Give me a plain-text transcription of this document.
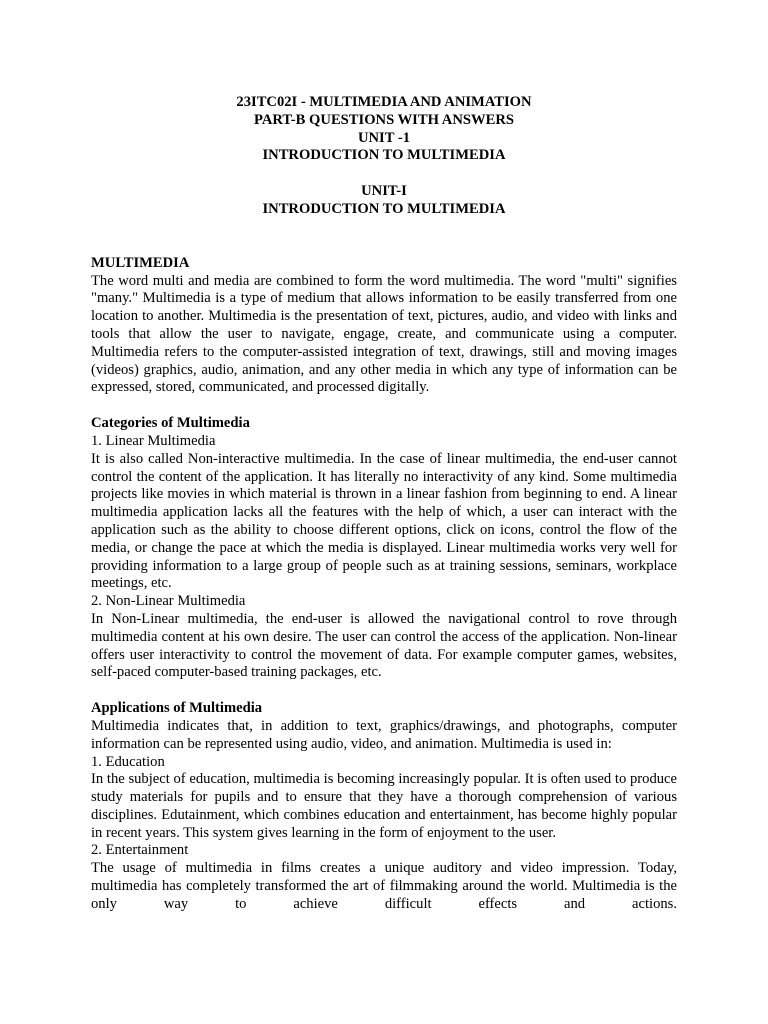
23ITC02I - MULTIMEDIA AND ANIMATION
PART-B QUESTIONS WITH ANSWERS
UNIT -1
INTRODUCTION TO MULTIMEDIA
UNIT-I
INTRODUCTION TO MULTIMEDIA
MULTIMEDIA

The word multi and media are combined to form the word multimedia. The word "multi" signifies "many." Multimedia is a type of medium that allows information to be easily transferred from one location to another. Multimedia is the presentation of text, pictures, audio, and video with links and tools that allow the user to navigate, engage, create, and communicate using a computer. Multimedia refers to the computer-assisted integration of text, drawings, still and moving images (videos) graphics, audio, animation, and any other media in which any type of information can be expressed, stored, communicated, and processed digitally.

Categories of Multimedia
1. Linear Multimedia

It is also called Non-interactive multimedia. In the case of linear multimedia, the end-user cannot control the content of the application. It has literally no interactivity of any kind. Some multimedia projects like movies in which material is thrown in a linear fashion from beginning to end. A linear multimedia application lacks all the features with the help of which, a user can interact with the application such as the ability to choose different options, click on icons, control the flow of the media, or change the pace at which the media is displayed. Linear multimedia works very well for providing information to a large group of people such as at training sessions, seminars, workplace meetings, etc.

2. Non-Linear Multimedia

In Non-Linear multimedia, the end-user is allowed the navigational control to rove through multimedia content at his own desire. The user can control the access of the application. Non-linear offers user interactivity to control the movement of data. For example computer games, websites, self-paced computer-based training packages, etc.

Applications of Multimedia

Multimedia indicates that, in addition to text, graphics/drawings, and photographs, computer information can be represented using audio, video, and animation. Multimedia is used in:

1. Education

In the subject of education, multimedia is becoming increasingly popular. It is often used to produce study materials for pupils and to ensure that they have a thorough comprehension of various disciplines. Edutainment, which combines education and entertainment, has become highly popular in recent years. This system gives learning in the form of enjoyment to the user.

2. Entertainment

The usage of multimedia in films creates a unique auditory and video impression. Today, multimedia has completely transformed the art of filmmaking around the world. Multimedia is the only way to achieve difficult effects and actions.
